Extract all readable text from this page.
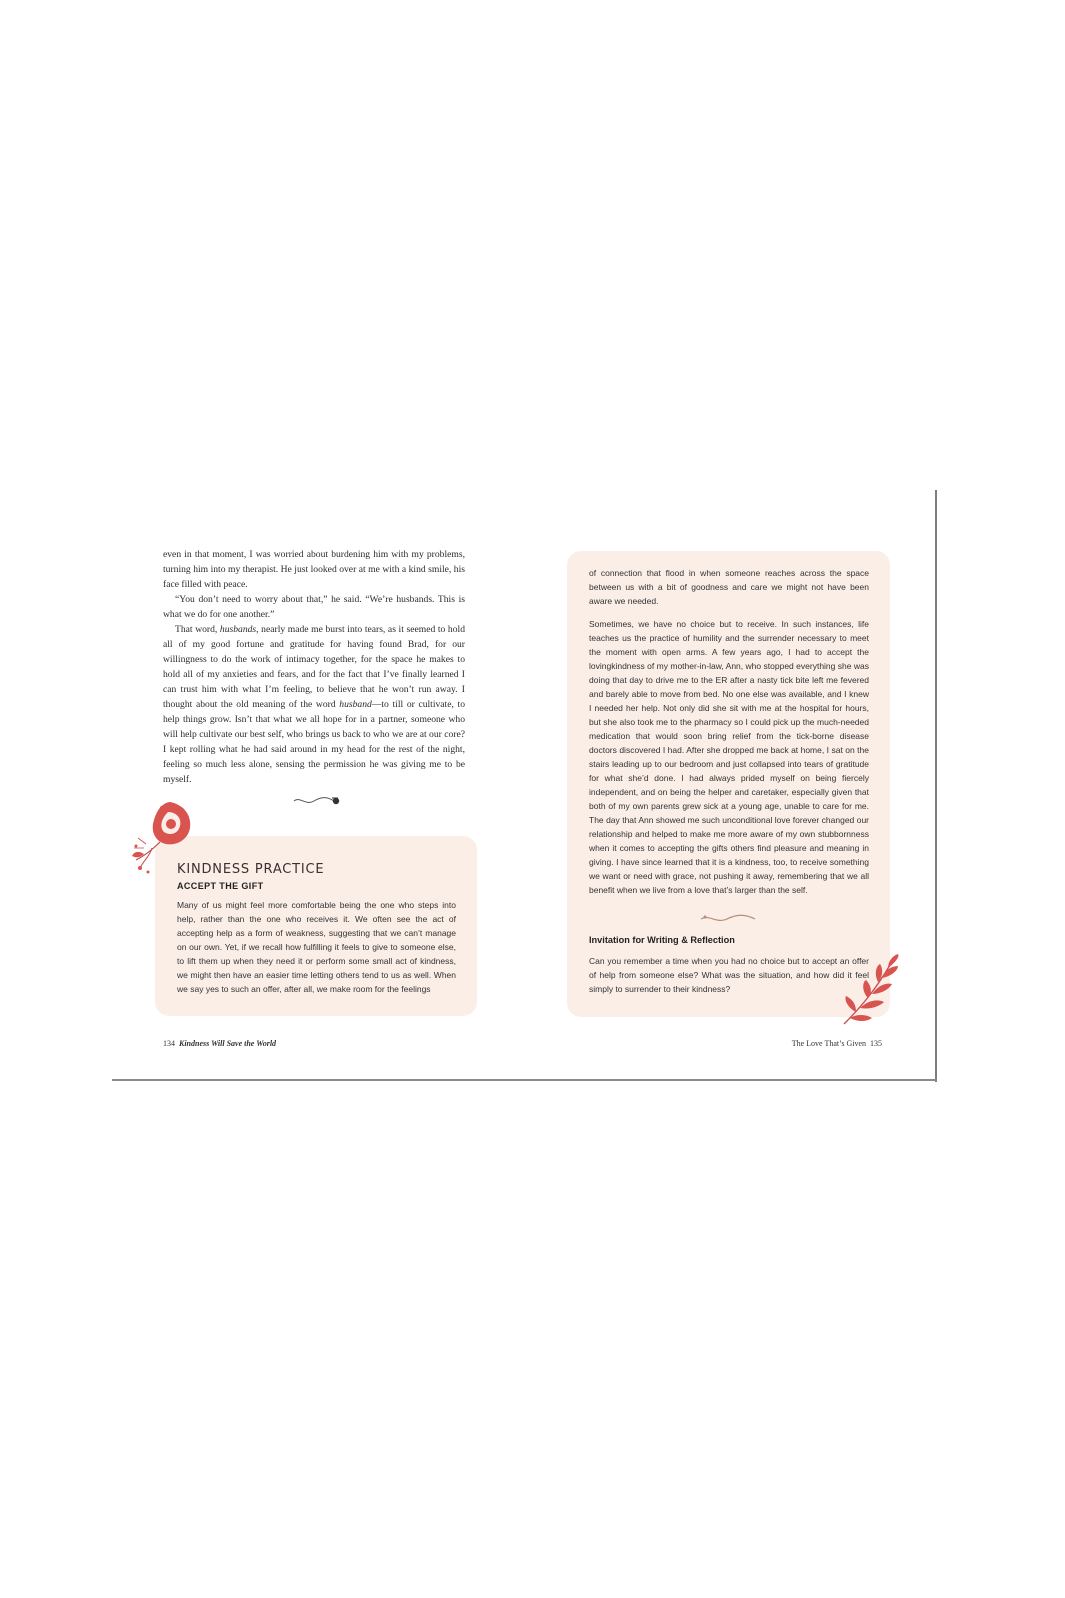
even in that moment, I was worried about burdening him with my problems, turning him into my therapist. He just looked over at me with a kind smile, his face filled with peace.

“You don’t need to worry about that,” he said. “We’re husbands. This is what we do for one another.”

That word, husbands, nearly made me burst into tears, as it seemed to hold all of my good fortune and gratitude for having found Brad, for our willingness to do the work of intimacy together, for the space he makes to hold all of my anxieties and fears, and for the fact that I’ve finally learned I can trust him with what I’m feeling, to believe that he won’t run away. I thought about the old meaning of the word husband—to till or cultivate, to help things grow. Isn’t that what we all hope for in a partner, someone who will help cultivate our best self, who brings us back to who we are at our core? I kept rolling what he had said around in my head for the rest of the night, feeling so much less alone, sensing the permission he was giving me to be myself.

KINDNESS PRACTICE
ACCEPT THE GIFT
Many of us might feel more comfortable being the one who steps into help, rather than the one who receives it. We often see the act of accepting help as a form of weakness, suggesting that we can’t manage on our own. Yet, if we recall how fulfilling it feels to give to someone else, to lift them up when they need it or perform some small act of kindness, we might then have an easier time letting others tend to us as well. When we say yes to such an offer, after all, we make room for the feelings
of connection that flood in when someone reaches across the space between us with a bit of goodness and care we might not have been aware we needed.
Sometimes, we have no choice but to receive. In such instances, life teaches us the practice of humility and the surrender necessary to meet the moment with open arms. A few years ago, I had to accept the lovingkindness of my mother-in-law, Ann, who stopped everything she was doing that day to drive me to the ER after a nasty tick bite left me fevered and barely able to move from bed. No one else was available, and I knew I needed her help. Not only did she sit with me at the hospital for hours, but she also took me to the pharmacy so I could pick up the much-needed medication that would soon bring relief from the tick-borne disease doctors discovered I had. After she dropped me back at home, I sat on the stairs leading up to our bedroom and just collapsed into tears of gratitude for what she’d done. I had always prided myself on being fiercely independent, and on being the helper and caretaker, especially given that both of my own parents grew sick at a young age, unable to care for me. The day that Ann showed me such unconditional love forever changed our relationship and helped to make me more aware of my own stubbornness when it comes to accepting the gifts others find pleasure and meaning in giving. I have since learned that it is a kindness, too, to receive something we want or need with grace, not pushing it away, remembering that we all benefit when we live from a love that’s larger than the self.
Invitation for Writing & Reflection
Can you remember a time when you had no choice but to accept an offer of help from someone else? What was the situation, and how did it feel simply to surrender to their kindness?
134 Kindness Will Save the World	The Love That’s Given 135
